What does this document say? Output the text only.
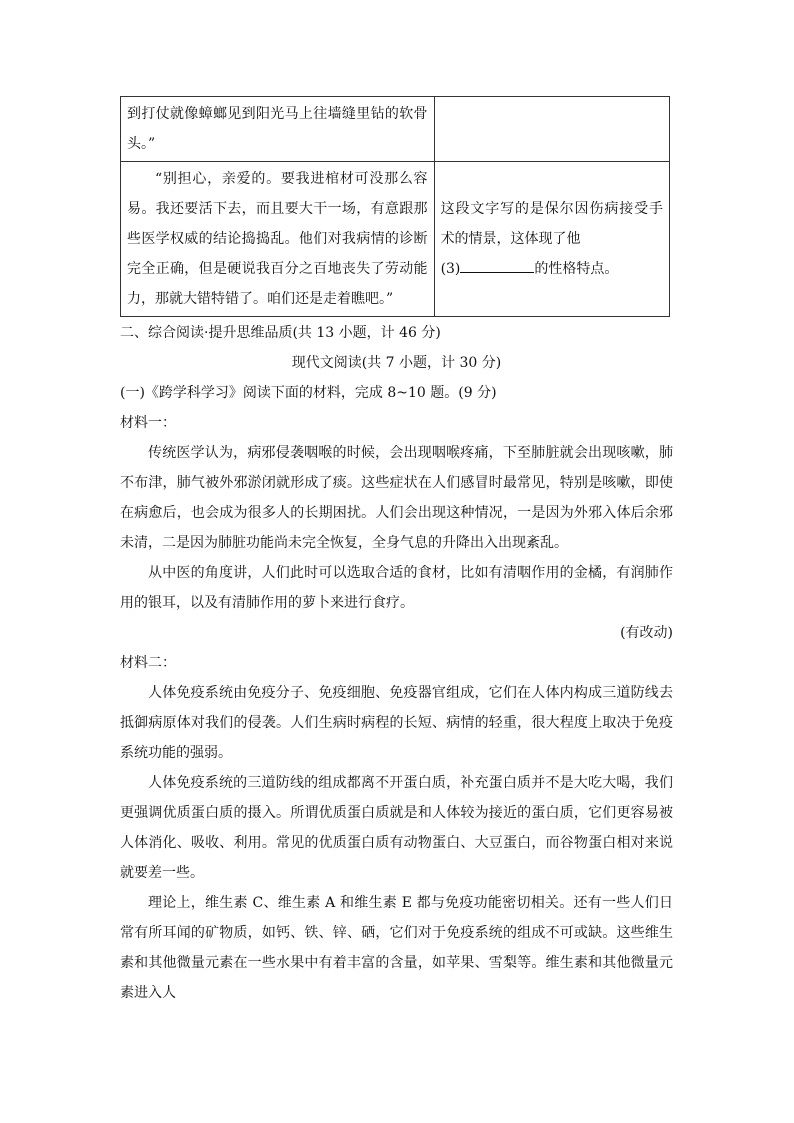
到打仗就像蟑螂见到阳光马上往墙缝里钻的软骨头。”	
“别担心，亲爱的。要我进棺材可没那么容易。我还要活下去，而且要大干一场，有意跟那些医学权威的结论捣捣乱。他们对我病情的诊断完全正确，但是硬说我百分之百地丧失了劳动能力，那就大错特错了。咱们还是走着瞧吧。”	这段文字写的是保尔因伤病接受手术的情景，这体现了他
(3) 的性格特点。

二、综合阅读·提升思维品质(共 13 小题，计 46 分)

现代文阅读(共 7 小题，计 30 分)

(一)《跨学科学习》阅读下面的材料，完成 8~10 题。(9 分)

材料一：

传统医学认为，病邪侵袭咽喉的时候，会出现咽喉疼痛，下至肺脏就会出现咳嗽，肺不布津，肺气被外邪淤闭就形成了痰。这些症状在人们感冒时最常见，特别是咳嗽，即使在病愈后，也会成为很多人的长期困扰。人们会出现这种情况，一是因为外邪入体后余邪未清，二是因为肺脏功能尚未完全恢复，全身气息的升降出入出现紊乱。

从中医的角度讲，人们此时可以选取合适的食材，比如有清咽作用的金橘，有润肺作用的银耳，以及有清肺作用的萝卜来进行食疗。

(有改动)

材料二：

人体免疫系统由免疫分子、免疫细胞、免疫器官组成，它们在人体内构成三道防线去抵御病原体对我们的侵袭。人们生病时病程的长短、病情的轻重，很大程度上取决于免疫系统功能的强弱。

人体免疫系统的三道防线的组成都离不开蛋白质，补充蛋白质并不是大吃大喝，我们更强调优质蛋白质的摄入。所谓优质蛋白质就是和人体较为接近的蛋白质，它们更容易被人体消化、吸收、利用。常见的优质蛋白质有动物蛋白、大豆蛋白，而谷物蛋白相对来说就要差一些。

理论上，维生素 C、维生素 A 和维生素 E 都与免疫功能密切相关。还有一些人们日常有所耳闻的矿物质，如钙、铁、锌、硒，它们对于免疫系统的组成不可或缺。这些维生素和其他微量元素在一些水果中有着丰富的含量，如苹果、雪梨等。维生素和其他微量元素进入人
